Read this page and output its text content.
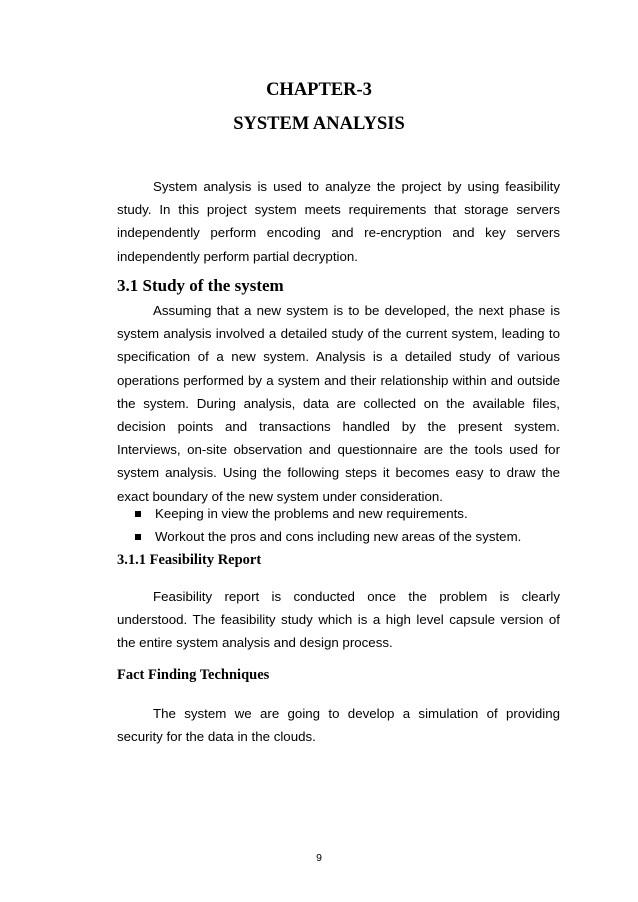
CHAPTER-3
SYSTEM ANALYSIS
System analysis is used to analyze the project by using feasibility study. In this project system meets requirements that storage servers independently perform encoding and re-encryption and key servers independently perform partial decryption.
3.1 Study of the system
Assuming that a new system is to be developed, the next phase is system analysis involved a detailed study of the current system, leading to specification of a new system. Analysis is a detailed study of various operations performed by a system and their relationship within and outside the system. During analysis, data are collected on the available files, decision points and transactions handled by the present system. Interviews, on-site observation and questionnaire are the tools used for system analysis. Using the following steps it becomes easy to draw the exact boundary of the new system under consideration.
Keeping in view the problems and new requirements.
Workout the pros and cons including new areas of the system.
3.1.1 Feasibility Report
Feasibility report is conducted once the problem is clearly understood. The feasibility study which is a high level capsule version of the entire system analysis and design process.
Fact Finding Techniques
The system we are going to develop a simulation of providing security for the data in the clouds.
9
